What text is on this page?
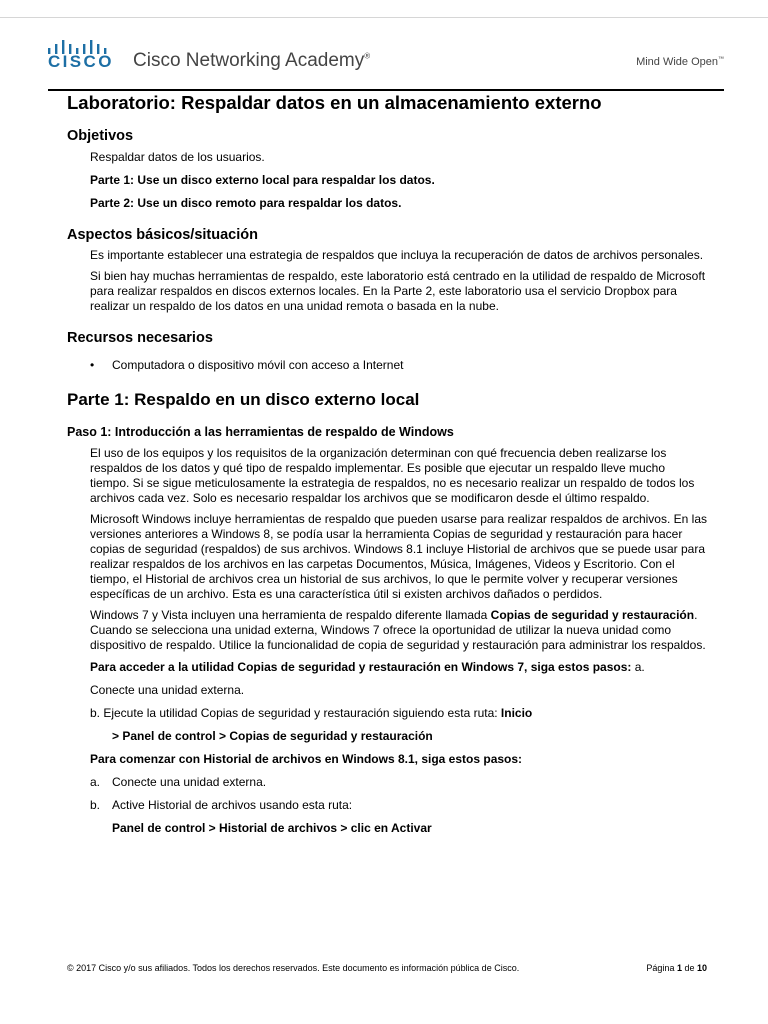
CISCO Cisco Networking Academy®	Mind Wide Open™
Laboratorio: Respaldar datos en un almacenamiento externo
Objetivos

Respaldar datos de los usuarios.

Parte 1: Use un disco externo local para respaldar los datos.

Parte 2: Use un disco remoto para respaldar los datos.

Aspectos básicos/situación

Es importante establecer una estrategia de respaldos que incluya la recuperación de datos de archivos personales.

Si bien hay muchas herramientas de respaldo, este laboratorio está centrado en la utilidad de respaldo de Microsoft para realizar respaldos en discos externos locales. En la Parte 2, este laboratorio usa el servicio Dropbox para realizar un respaldo de los datos en una unidad remota o basada en la nube.

Recursos necesarios
•	Computadora o dispositivo móvil con acceso a Internet
Parte 1: Respaldo en un disco externo local
Paso 1: Introducción a las herramientas de respaldo de Windows

El uso de los equipos y los requisitos de la organización determinan con qué frecuencia deben realizarse los respaldos de los datos y qué tipo de respaldo implementar. Es posible que ejecutar un respaldo lleve mucho tiempo. Si se sigue meticulosamente la estrategia de respaldos, no es necesario realizar un respaldo de todos los archivos cada vez. Solo es necesario respaldar los archivos que se modificaron desde el último respaldo.

Microsoft Windows incluye herramientas de respaldo que pueden usarse para realizar respaldos de archivos. En las versiones anteriores a Windows 8, se podía usar la herramienta Copias de seguridad y restauración para hacer copias de seguridad (respaldos) de sus archivos. Windows 8.1 incluye Historial de archivos que se puede usar para realizar respaldos de los archivos en las carpetas Documentos, Música, Imágenes, Videos y Escritorio. Con el tiempo, el Historial de archivos crea un historial de sus archivos, lo que le permite volver y recuperar versiones específicas de un archivo. Esta es una característica útil si existen archivos dañados o perdidos.

Windows 7 y Vista incluyen una herramienta de respaldo diferente llamada Copias de seguridad y restauración. Cuando se selecciona una unidad externa, Windows 7 ofrece la oportunidad de utilizar la nueva unidad como dispositivo de respaldo. Utilice la funcionalidad de copia de seguridad y restauración para administrar los respaldos.

Para acceder a la utilidad Copias de seguridad y restauración en Windows 7, siga estos pasos: a.

Conecte una unidad externa.

b. Ejecute la utilidad Copias de seguridad y restauración siguiendo esta ruta: Inicio

> Panel de control > Copias de seguridad y restauración

Para comenzar con Historial de archivos en Windows 8.1, siga estos pasos:

a. Conecte una unidad externa.
b. Active Historial de archivos usando esta ruta:

Panel de control > Historial de archivos > clic en Activar

© 2017 Cisco y/o sus afiliados. Todos los derechos reservados. Este documento es información pública de Cisco.	Página 1 de 10
